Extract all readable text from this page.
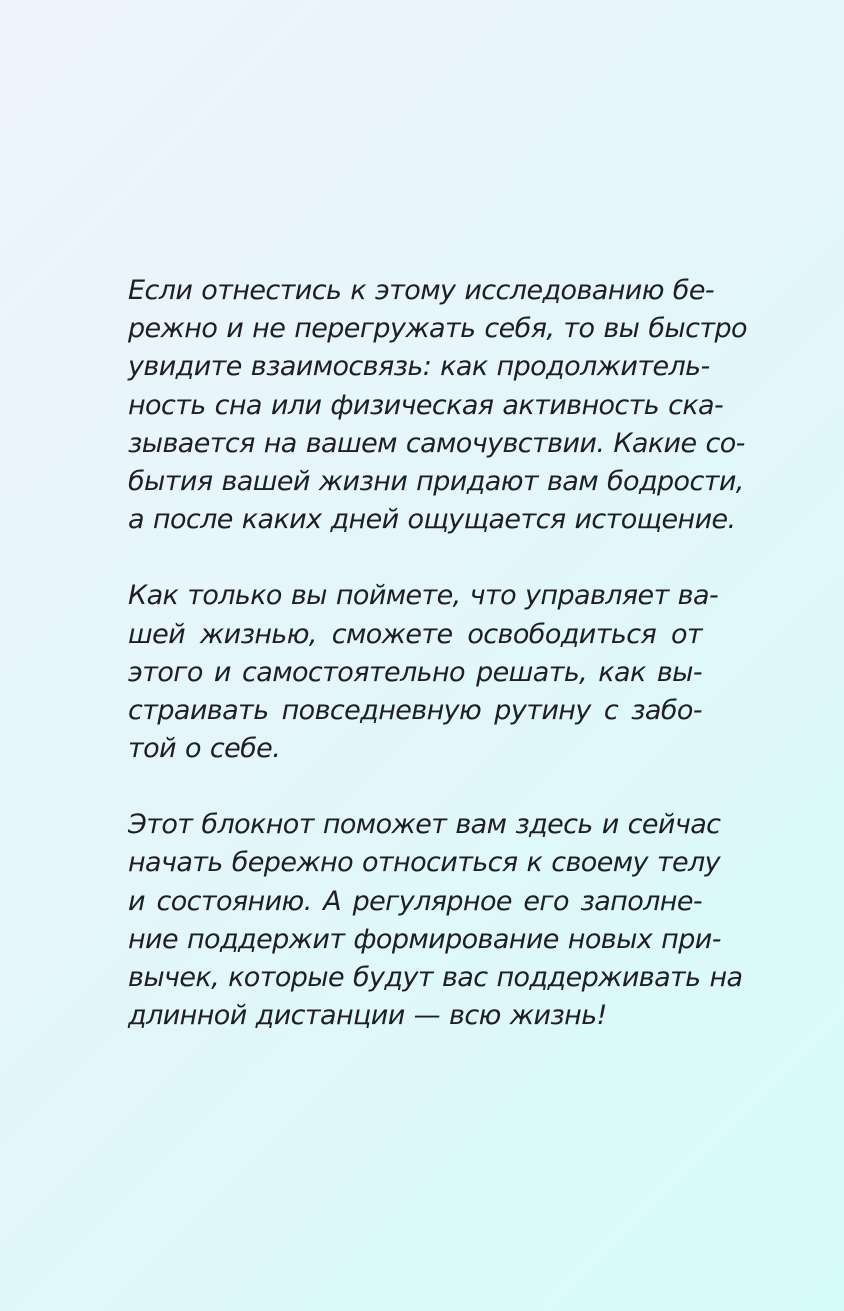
Если отнестись к этому исследованию бе-
режно и не перегружать себя, то вы быстро
увидите взаимосвязь: как продолжитель-
ность сна или физическая активность ска-
зывается на вашем самочувствии. Какие со-
бытия вашей жизни придают вам бодрости,
а после каких дней ощущается истощение.

Как только вы поймете, что управляет ва-
шей жизнью, сможете освободиться от
этого и самостоятельно решать, как вы-
страивать повседневную рутину с забо-
той о себе.

Этот блокнот поможет вам здесь и сейчас
начать бережно относиться к своему телу
и состоянию. А регулярное его заполне-
ние поддержит формирование новых при-
вычек, которые будут вас поддерживать на
длинной дистанции — всю жизнь!
